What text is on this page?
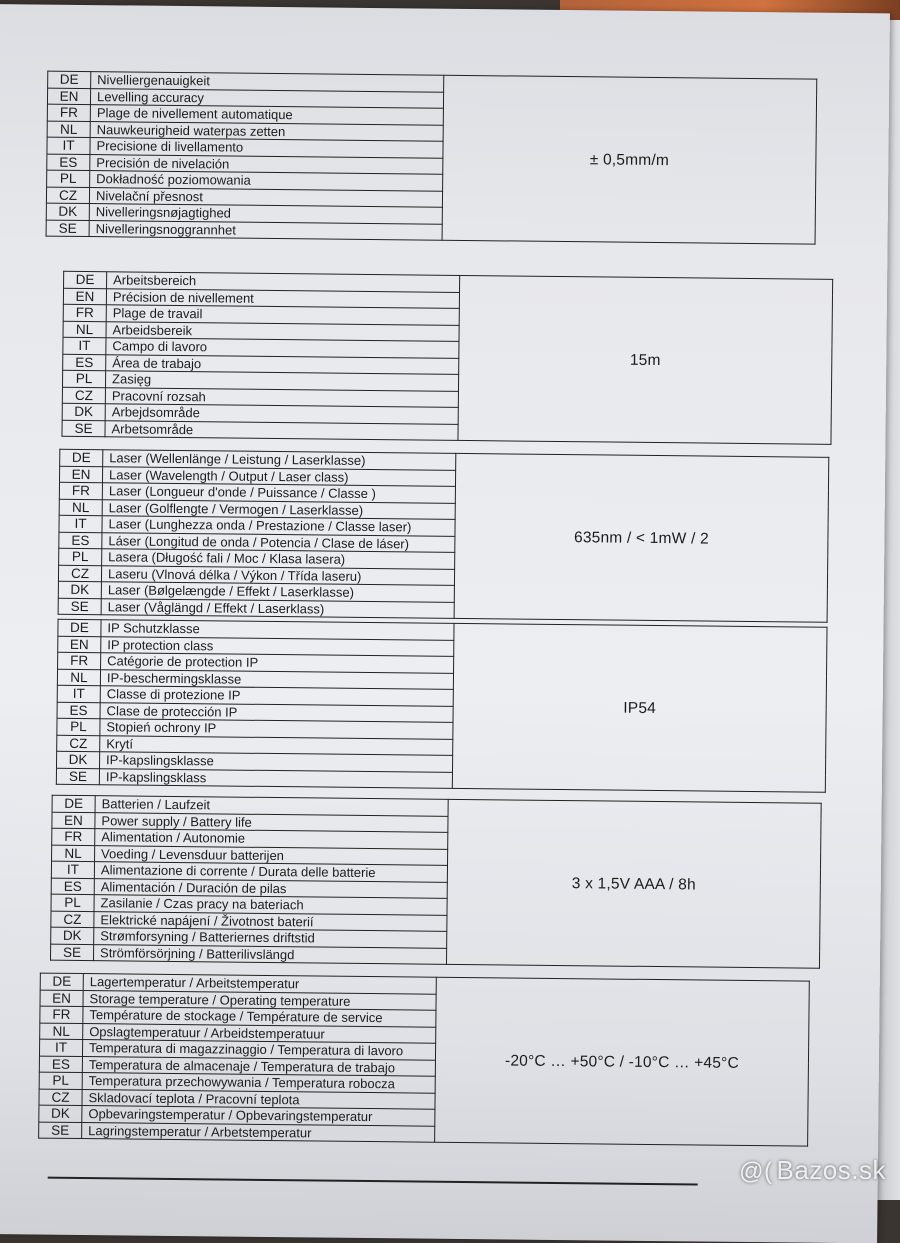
DE	Nivelliergenauigkeit	± 0,5mm/m
EN	Levelling accuracy	
FR	Plage de nivellement automatique	
NL	Nauwkeurigheid waterpas zetten	
IT	Precisione di livellamento	
ES	Precisión de nivelación	
PL	Dokładność poziomowania	
CZ	Nivelační přesnost	
DK	Nivelleringsnøjagtighed	
SE	Nivelleringsnoggrannhet	
DE	Arbeitsbereich	15m
EN	Précision de nivellement	
FR	Plage de travail	
NL	Arbeidsbereik	
IT	Campo di lavoro	
ES	Área de trabajo	
PL	Zasięg	
CZ	Pracovní rozsah	
DK	Arbejdsområde	
SE	Arbetsområde	
DE	Laser (Wellenlänge / Leistung / Laserklasse)	635nm / < 1mW / 2
EN	Laser (Wavelength / Output / Laser class)	
FR	Laser (Longueur d'onde / Puissance / Classe )	
NL	Laser (Golflengte / Vermogen / Laserklasse)	
IT	Laser (Lunghezza onda / Prestazione / Classe laser)	
ES	Láser (Longitud de onda / Potencia / Clase de láser)	
PL	Lasera (Długość fali / Moc / Klasa lasera)	
CZ	Laseru (Vlnová délka / Výkon / Třída laseru)	
DK	Laser (Bølgelængde / Effekt / Laserklasse)	
SE	Laser (Våglängd / Effekt / Laserklass)	
DE	IP Schutzklasse	IP54
EN	IP protection class	
FR	Catégorie de protection IP	
NL	IP-beschermingsklasse	
IT	Classe di protezione IP	
ES	Clase de protección IP	
PL	Stopień ochrony IP	
CZ	Krytí	
DK	IP-kapslingsklasse	
SE	IP-kapslingsklass	
DE	Batterien / Laufzeit	3 x 1,5V AAA / 8h
EN	Power supply / Battery life	
FR	Alimentation / Autonomie	
NL	Voeding / Levensduur batterijen	
IT	Alimentazione di corrente / Durata delle batterie	
ES	Alimentación / Duración de pilas	
PL	Zasilanie / Czas pracy na bateriach	
CZ	Elektrické napájení / Životnost baterií	
DK	Strømforsyning / Batteriernes driftstid	
SE	Strömförsörjning / Batterilivslängd	
DE	Lagertemperatur / Arbeitstemperatur	-20°C … +50°C / -10°C … +45°C
EN	Storage temperature / Operating temperature	
FR	Température de stockage / Température de service	
NL	Opslagtemperatuur / Arbeidstemperatuur	
IT	Temperatura di magazzinaggio / Temperatura di lavoro	
ES	Temperatura de almacenaje / Temperatura de trabajo	
PL	Temperatura przechowywania / Temperatura robocza	
CZ	Skladovací teplota / Pracovní teplota	
DK	Opbevaringstemperatur / Opbevaringstemperatur	
SE	Lagringstemperatur / Arbetstemperatur	
@( Bazos.sk
